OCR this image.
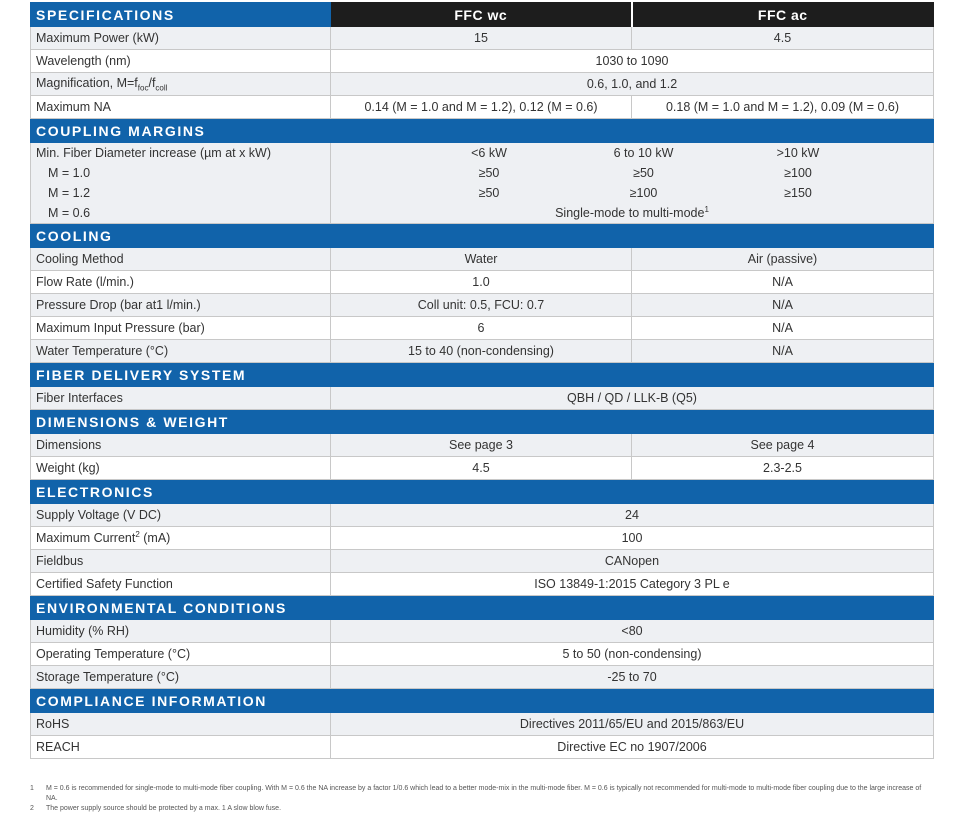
SPECIFICATIONS	FFC wc	FFC ac
Maximum Power (kW)	15	4.5
Wavelength (nm)	1030 to 1090	
Magnification, $M=f_{foc}/f_{coll}$	0.6, 1.0, and 1.2	
Maximum NA	0.14 (M = 1.0 and M = 1.2), 0.12 (M = 0.6)	0.18 (M = 1.0 and M = 1.2), 0.09 (M = 0.6)
COUPLING MARGINS		
Min. Fiber Diameter increase (µm at x kW)	<6 kW 6 to 10 kW >10 kW	

M = 1.0	≥50 ≥50 ≥100	

M = 1.2	≥50 ≥100 ≥150	

M = 0.6	Single-mode to multi-mode$^1$
COOLING		
Cooling Method	Water	Air (passive)
Flow Rate (l/min.)	1.0	N/A
Pressure Drop (bar at1 l/min.)	Coll unit: 0.5, FCU: 0.7	N/A
Maximum Input Pressure (bar)	6	N/A
Water Temperature (°C)	15 to 40 (non-condensing)	N/A
FIBER DELIVERY SYSTEM		
Fiber Interfaces	QBH / QD / LLK-B (Q5)	
DIMENSIONS & WEIGHT		
Dimensions	See page 3	See page 4
Weight (kg)	4.5	2.3-2.5
ELECTRONICS		
Supply Voltage (V DC)	24	
Maximum Current$^2$ (mA)	100	
Fieldbus	CANopen	
Certified Safety Function	ISO 13849-1:2015 Category 3 PL e	
ENVIRONMENTAL CONDITIONS		
Humidity (% RH)	<80	
Operating Temperature (°C)	5 to 50 (non-condensing)	
Storage Temperature (°C)	-25 to 70	
COMPLIANCE INFORMATION		
RoHS	Directives 2011/65/EU and 2015/863/EU	
REACH	Directive EC no 1907/2006	
1	M = 0.6 is recommended for single-mode to multi-mode fiber coupling. With M = 0.6 the NA increase by a factor 1/0.6 which lead to a better mode-mix in the multi-mode fiber. M = 0.6 is typically not recommended for multi-mode to multi-mode fiber coupling due to the large increase of NA.
2	The power supply source should be protected by a max. 1 A slow blow fuse.
